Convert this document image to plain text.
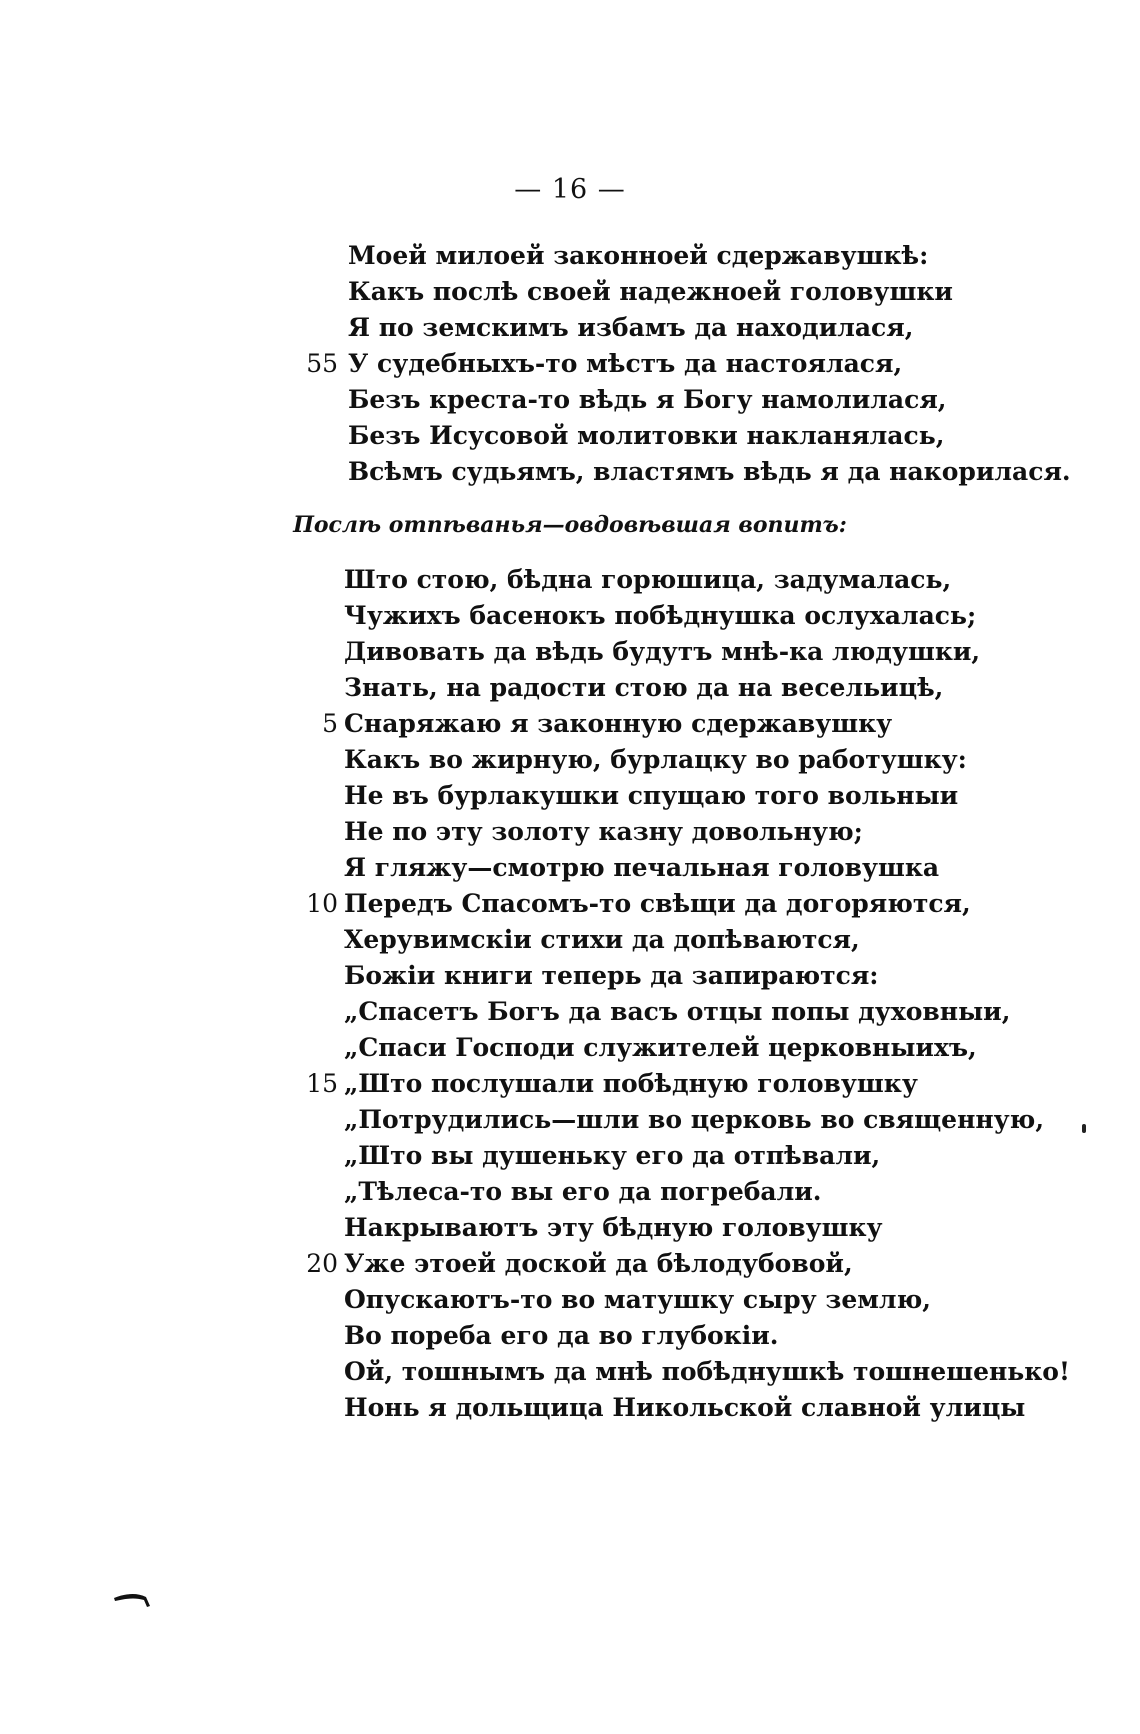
— 16 —
Моей милоей законноей сдержавушкѣ:
Какъ послѣ своей надежноей головушки
Я по земскимъ избамъ да находилася,
55 У судебныхъ-то мѣстъ да настоялася,
Безъ креста-то вѣдь я Богу намолилася,
Безъ Исусовой молитовки накланялась,
Всѣмъ судьямъ, властямъ вѣдь я да накорилася.
Послѣ отпѣванья—овдовѣвшая вопитъ:
Што стою, бѣдна горюшица, задумалась,
Чужихъ басенокъ побѣднушка ослухалась;
Дивовать да вѣдь будутъ мнѣ-ка людушки,
Знать, на радости стою да на весельицѣ,
5 Снаряжаю я законную сдержавушку
Какъ во жирную, бурлацку во работушку:
Не въ бурлакушки спущаю того вольныи
Не по эту золоту казну довольную;
Я гляжу—смотрю печальная головушка
10 Передъ Спасомъ-то свѣщи да догоряются,
Херувимскіи стихи да допѣваются,
Божіи книги теперь да запираются:
„Спасетъ Богъ да васъ отцы попы духовныи,
„Спаси Господи служителей церковныихъ,
15 „Што послушали побѣдную головушку
„Потрудились—шли во церковь во священную,
„Што вы душеньку его да отпѣвали,
„Тѣлеса-то вы его да погребали.
Накрываютъ эту бѣдную головушку
20 Уже этоей доской да бѣлодубовой,
Опускаютъ-то во матушку сыру землю,
Во пореба его да во глубокіи.
Ой, тошнымъ да мнѣ побѣднушкѣ тошнешенько!
Нонь я дольщица Никольской славной улицы
